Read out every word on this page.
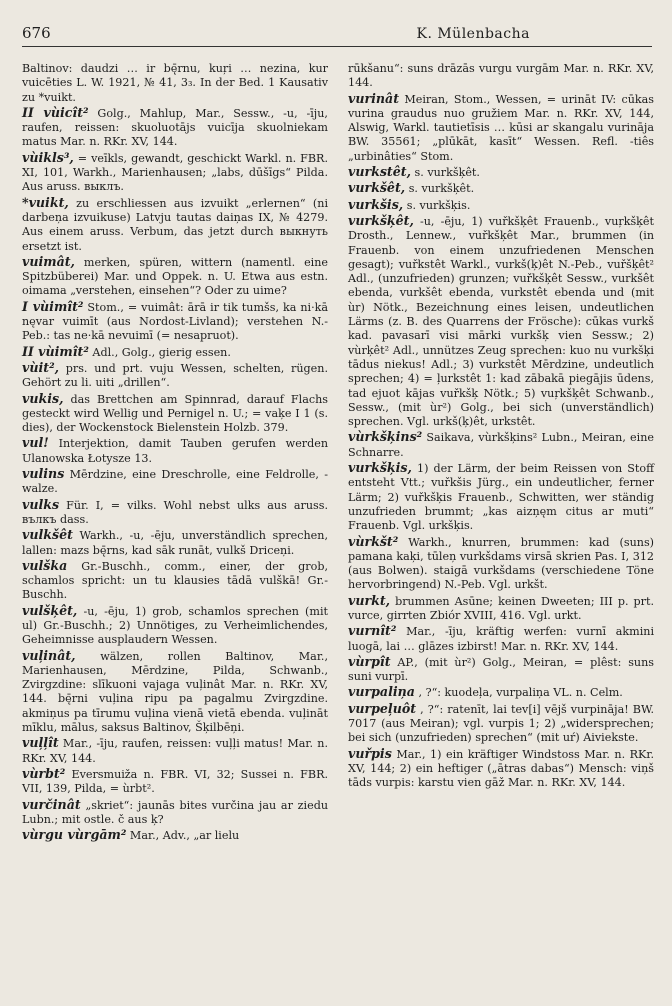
676	K. Mülenbacha

Baltinov: daudzi … ir bę̄rnu, kuŗi … nezina, kur vuicēties L. W. 1921, № 41, 3₃. In der Bed. 1 Kausativ zu *vuikt.

II vùicît² Golg., Mahlup, Mar., Sessw., -u, -īju, raufen, reissen: skuoluotājs vuicīja skuolniekam matus Mar. n. RKr. XV, 144.

vùikls³, = veīkls, gewandt, geschickt Warkl. n. FBR. XI, 101, Warkh., Marienhausen; „labs, dūšīgs“ Pilda. Aus aruss. выклъ.

*vuikt, zu erschliessen aus izvuikt „erlernen“ (ni darbeņa izvuikuse) Latvju tautas daiņas IX, № 4279. Aus einem aruss. Verbum, das jetzt durch выкнуть ersetzt ist.

vuimât, merken, spüren, wittern (namentl. eine Spitzbüberei) Mar. und Oppek. n. U. Etwa aus estn. oimama „verstehen, einsehen“? Oder zu uime?

I vùimît² Stom., = vuimât: ārā ir tik tumšs, ka ni·kā nęvar vuimīt (aus Nordost-Livland); verstehen N.-Peb.: tas ne·kā nevuimī (= nesapruot).

II vùimît² Adl., Golg., gierig essen.

vùit², prs. und prt. vuju Wessen, schelten, rügen. Gehört zu li. uiti „drillen“.

vukis, das Brettchen am Spinnrad, darauf Flachs gesteckt wird Wellig und Pernigel n. U.; = vaķe I 1 (s. dies), der Wockenstock Bielenstein Holzb. 379.

vul! Interjektion, damit Tauben gerufen werden Ulanowska Łotysze 13.

vulins Mērdzine, eine Dreschrolle, eine Feldrolle, -walze.

vulks Für. I, = vilks. Wohl nebst ulks aus aruss. вълкъ dass.

vulkšêt Warkh., -u, -ēju, unverständlich sprechen, lallen: mazs bę̄rns, kad sāk runāt, vulkš Driceņi.

vulška Gr.-Buschh., comm., einer, der grob, schamlos spricht: un tu klausies tādā vulškā! Gr.-Buschh.

vulšķêt, -u, -ēju, 1) grob, schamlos sprechen (mit ul) Gr.-Buschh.; 2) Unnötiges, zu Verheimlichendes, Geheimnisse ausplaudern Wessen.

vuļinât, wälzen, rollen Baltinov, Mar., Marienhausen, Mērdzine, Pilda, Schwanb., Zvirgzdine: slīkuoni vajaga vuļinât Mar. n. RKr. XV, 144. bę̄rni vuļina ripu pa pagalmu Zvirgzdine. akmiņus pa tīrumu vuļina vienā vietā ebenda. vuļināt mīklu, mālus, saksus Baltinov, Šķilbēņi.

vuļļît Mar., -īju, raufen, reissen: vuļļi matus! Mar. n. RKr. XV, 144.

vùrbt² Eversmuiža n. FBR. VI, 32; Sussei n. FBR. VII, 139, Pilda, = ùrbt².

vurčinât „skriet“: jaunās bites vurčina jau ar ziedu Lubn.; mit ostle. č aus ķ?

vùrgu vùrgām² Mar., Adv., „ar lielu

rūkšanu“: suns drāzās vurgu vurgām Mar. n. RKr. XV, 144.

vurinât Meiran, Stom., Wessen, = urināt IV: cūkas vurina graudus nuo gružiem Mar. n. RKr. XV, 144, Alswig, Warkl. tautietīsis … kūsi ar skangalu vurināja BW. 35561; „plūkāt, kasīt“ Wessen. Refl. -tiês „urbinâties“ Stom.

vurkstêt, s. vurkšķêt.

vurkšêt, s. vurkšķêt.

vurkšis, s. vurkšķis.

vurkšķêt, -u, -ēju, 1) vuřkšķêt Frauenb., vuŗkšķêt Drosth., Lennew., vuřkšķêt Mar., brummen (in Frauenb. von einem unzufriedenen Menschen gesagt); vuřkstêt Warkl., vurkš(ķ)êt N.-Peb., vuřšķêt² Adl., (unzufrieden) grunzen; vuřkšķêt Sessw., vurkšêt ebenda, vurkšêt ebenda, vurkstêt ebenda und (mit ùr) Nötk., Bezeichnung eines leisen, undeutlichen Lärms (z. B. des Quarrens der Frösche): cūkas vurkš kad. pavasarī visi mārki vurkšķ vien Sessw.; 2) vùrķêt² Adl., unnützes Zeug sprechen: kuo nu vurkšķi tādus niekus! Adl.; 3) vurkstêt Mērdzine, undeutlich sprechen; 4) = ļurkstêt 1: kad zābakā piegājis ūdens, tad ejuot kājas vuřkšķ Nötk.; 5) vuŗkšķêt Schwanb., Sessw., (mit ùr²) Golg., bei sich (unverständlich) sprechen. Vgl. urkš(ķ)êt, urkstêt.

vùrkšķins² Saikava, vùrkšķins² Lubn., Meiran, eine Schnarre.

vurkšķis, 1) der Lärm, der beim Reissen von Stoff entsteht Vtt.; vuřkšis Jürg., ein undeutlicher, ferner Lärm; 2) vuřkšķis Frauenb., Schwitten, wer ständig unzufrieden brummt; „kas aizņęm citus ar muti“ Frauenb. Vgl. urkšķis.

vùrkšt² Warkh., knurren, brummen: kad (suns) pamana kaķi, tūleņ vurkšdams virsā skrien Pas. I, 312 (aus Bolwen). staigā vurkšdams (verschiedene Töne hervorbringend) N.-Peb. Vgl. urkšt.

vurkt, brummen Asūne; keinen Dweeten; III p. prt. vurce, girrten Zbiór XVIII, 416. Vgl. urkt.

vurnît² Mar., -īju, kräftig werfen: vurnī akmini luogā, lai … glāzes izbirst! Mar. n. RKr. XV, 144.

vùrpît AP., (mit ùr²) Golg., Meiran, = plêst: suns suni vurpī.

vurpaliņa , ?“: kuodeļa, vurpaliņa VL. n. Celm.

vurpeļuôt , ?“: ratenīt, lai tev[i] vējš vurpināja! BW. 7017 (aus Meiran); vgl. vurpis 1; 2) „widersprechen; bei sich (unzufrieden) sprechen“ (mit uŕ) Aiviekste.

vuřpis Mar., 1) ein kräftiger Windstoss Mar. n. RKr. XV, 144; 2) ein heftiger („ātras dabas“) Mensch: viņš tāds vurpis: karstu vien gāž Mar. n. RKr. XV, 144.
